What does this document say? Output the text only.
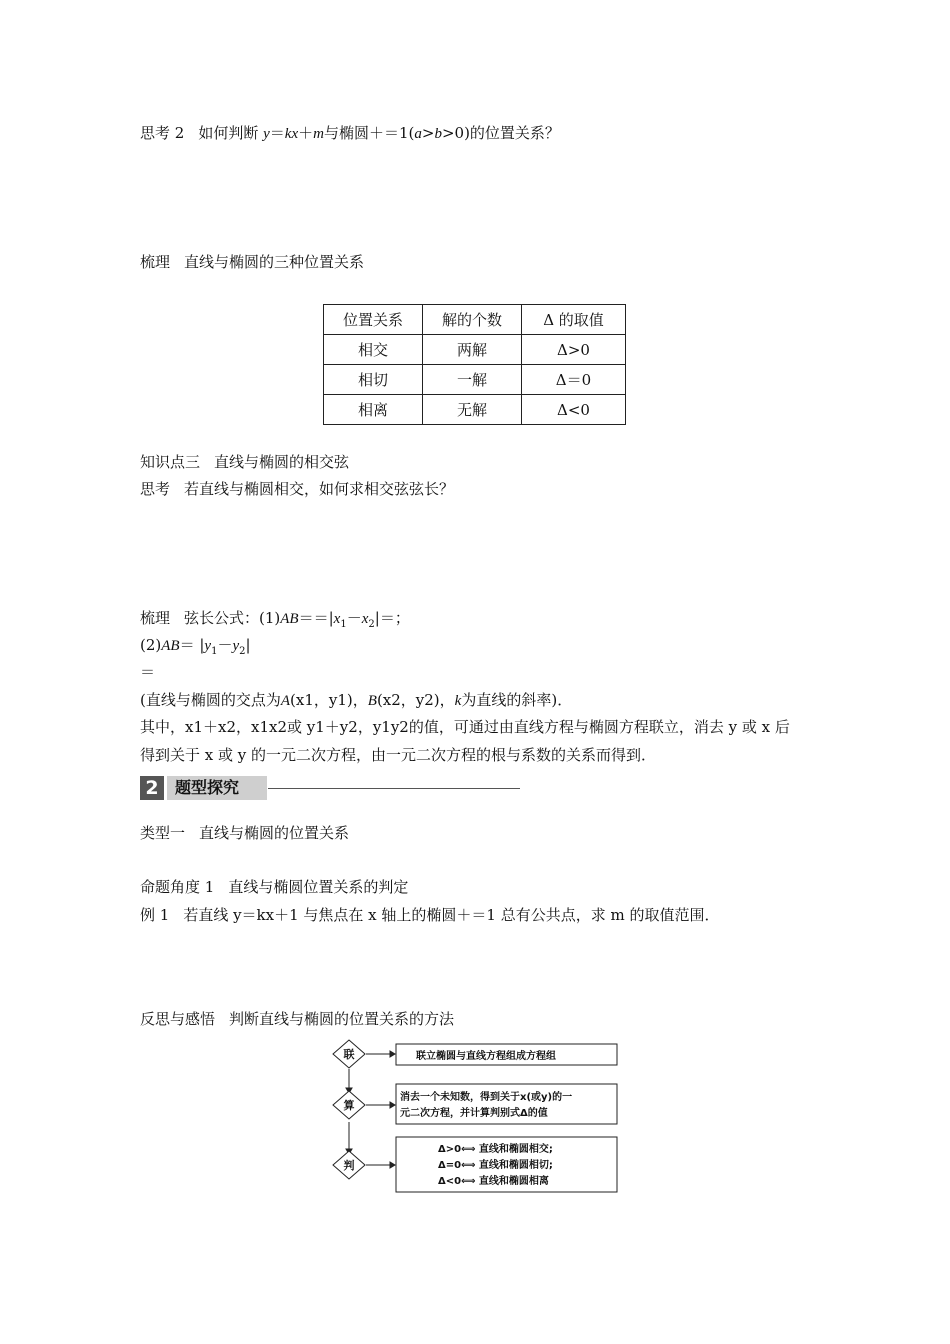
思考 2 如何判断 y＝kx＋m与椭圆＋＝1(a>b>0)的位置关系？
梳理 直线与椭圆的三种位置关系
位置关系	解的个数	Δ 的取值
相交	两解	Δ>0
相切	一解	Δ＝0
相离	无解	Δ<0
知识点三 直线与椭圆的相交弦
思考 若直线与椭圆相交，如何求相交弦弦长？
梳理 弦长公式：$(1)AB==|x_1-x_2|=$；
$(2)AB= |y_1-y_2|$
＝
(直线与椭圆的交点为A(x1，y1)，B(x2，y2)，k为直线的斜率)．
其中，x1＋x2，x1x2或 y1＋y2，y1y2的值，可通过由直线方程与椭圆方程联立，消去 y 或 x 后
得到关于 x 或 y 的一元二次方程，由一元二次方程的根与系数的关系而得到．
2	题型探究
类型一 直线与椭圆的位置关系
命题角度 1 直线与椭圆位置关系的判定
例 1 若直线 y＝kx＋1 与焦点在 x 轴上的椭圆＋＝1 总有公共点，求 m 的取值范围．
反思与感悟 判断直线与椭圆的位置关系的方法
联
算
判
联立椭圆与直线方程组成方程组
消去一个未知数，得到关于x(或y)的一
元二次方程，并计算判别式Δ的值
Δ>0⟺ 直线和椭圆相交;
Δ=0⟺ 直线和椭圆相切;
Δ<0⟺ 直线和椭圆相离
